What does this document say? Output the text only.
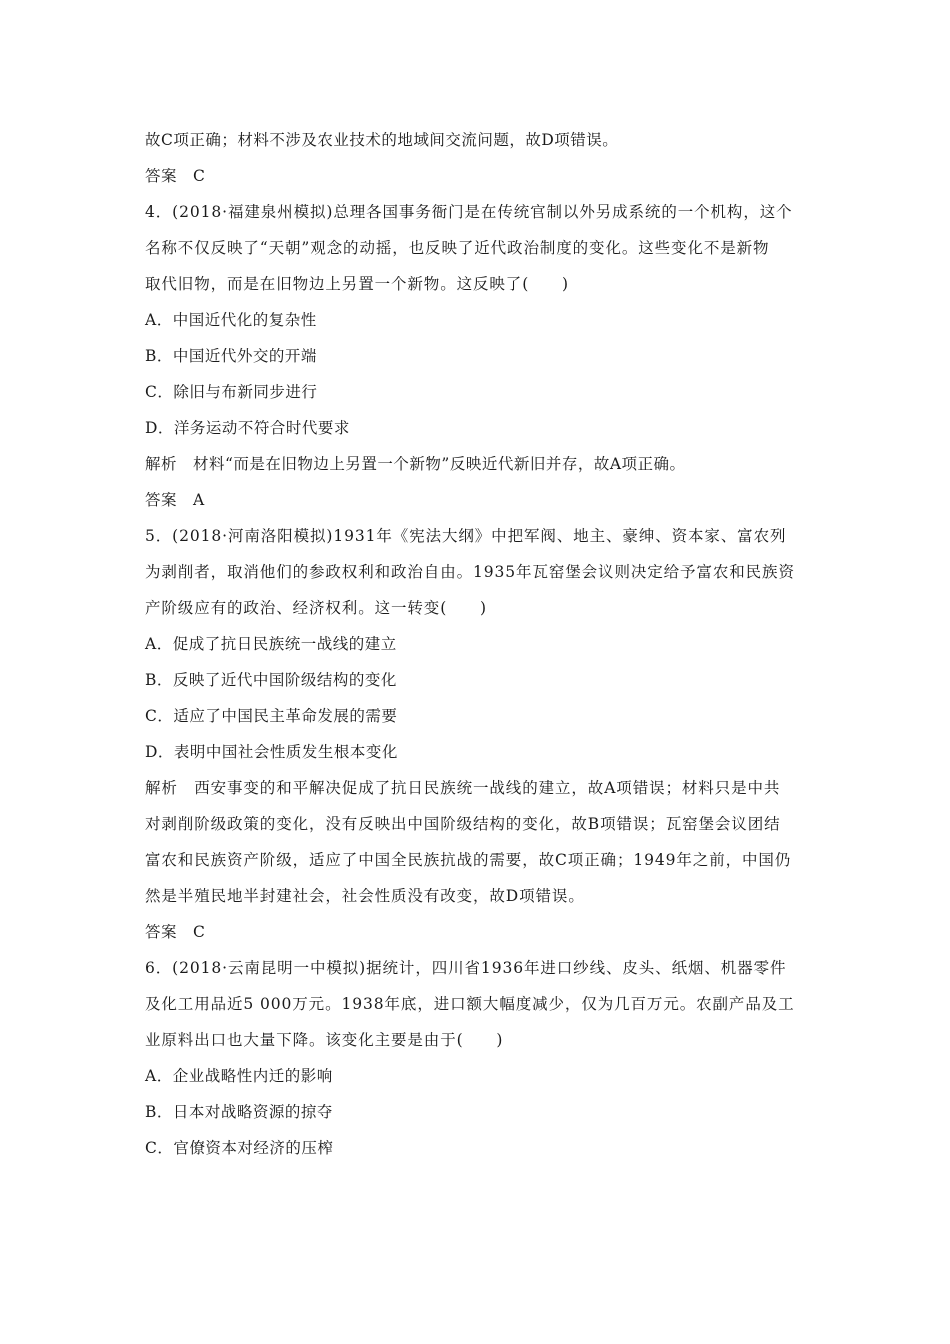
故C项正确；材料不涉及农业技术的地域间交流问题，故D项错误。
答案　C
4．(2018·福建泉州模拟)总理各国事务衙门是在传统官制以外另成系统的一个机构，这个
名称不仅反映了“天朝”观念的动摇，也反映了近代政治制度的变化。这些变化不是新物
取代旧物，而是在旧物边上另置一个新物。这反映了(　　)
A．中国近代化的复杂性
B．中国近代外交的开端
C．除旧与布新同步进行
D．洋务运动不符合时代要求
解析　材料“而是在旧物边上另置一个新物”反映近代新旧并存，故A项正确。
答案　A
5．(2018·河南洛阳模拟)1931年《宪法大纲》中把军阀、地主、豪绅、资本家、富农列
为剥削者，取消他们的参政权利和政治自由。1935年瓦窑堡会议则决定给予富农和民族资
产阶级应有的政治、经济权利。这一转变(　　)
A．促成了抗日民族统一战线的建立
B．反映了近代中国阶级结构的变化
C．适应了中国民主革命发展的需要
D．表明中国社会性质发生根本变化
解析　西安事变的和平解决促成了抗日民族统一战线的建立，故A项错误；材料只是中共
对剥削阶级政策的变化，没有反映出中国阶级结构的变化，故B项错误；瓦窑堡会议团结
富农和民族资产阶级，适应了中国全民族抗战的需要，故C项正确；1949年之前，中国仍
然是半殖民地半封建社会，社会性质没有改变，故D项错误。
答案　C
6．(2018·云南昆明一中模拟)据统计，四川省1936年进口纱线、皮头、纸烟、机器零件
及化工用品近5 000万元。1938年底，进口额大幅度减少，仅为几百万元。农副产品及工
业原料出口也大量下降。该变化主要是由于(　　)
A．企业战略性内迁的影响
B．日本对战略资源的掠夺
C．官僚资本对经济的压榨
